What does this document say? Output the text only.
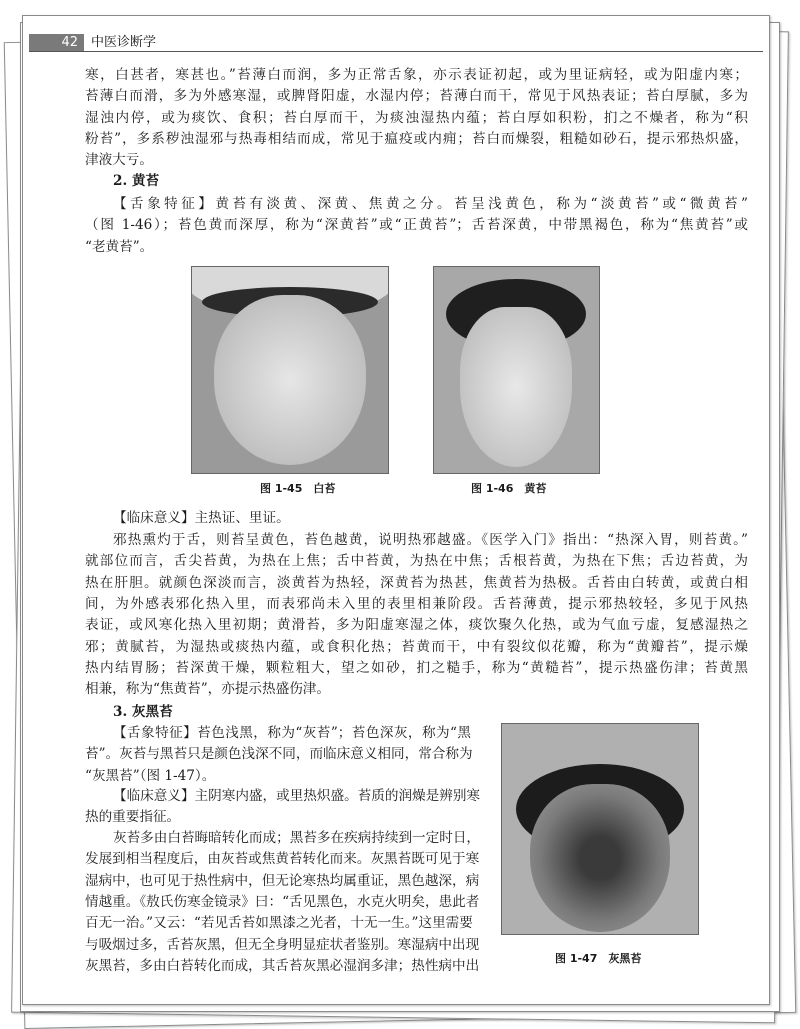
42	中医诊断学
图 1-45　白苔	图 1-46　黄苔
图 1-47　灰黑苔
寒，白甚者，寒甚也。”苔薄白而润，多为正常舌象，亦示表证初起，或为里证病轻，或为阳虚内寒；
苔薄白而滑，多为外感寒湿，或脾肾阳虚，水湿内停；苔薄白而干，常见于风热表证；苔白厚腻，多为
湿浊内停，或为痰饮、食积；苔白厚而干，为痰浊湿热内蕴；苔白厚如积粉，扪之不燥者，称为“积
粉苔”，多系秽浊湿邪与热毒相结而成，常见于瘟疫或内痈；苔白而燥裂，粗糙如砂石，提示邪热炽盛，
津液大亏。
2. 黄苔
【舌象特征】黄苔有淡黄、深黄、焦黄之分。苔呈浅黄色，称为“淡黄苔”或“微黄苔”
（图 1-46）；苔色黄而深厚，称为“深黄苔”或“正黄苔”；舌苔深黄，中带黑褐色，称为“焦黄苔”或
“老黄苔”。
【临床意义】主热证、里证。
邪热熏灼于舌，则苔呈黄色，苔色越黄，说明热邪越盛。《医学入门》指出：“热深入胃，则苔黄。”
就部位而言，舌尖苔黄，为热在上焦；舌中苔黄，为热在中焦；舌根苔黄，为热在下焦；舌边苔黄，为
热在肝胆。就颜色深淡而言，淡黄苔为热轻，深黄苔为热甚，焦黄苔为热极。舌苔由白转黄，或黄白相
间，为外感表邪化热入里，而表邪尚未入里的表里相兼阶段。舌苔薄黄，提示邪热较轻，多见于风热
表证，或风寒化热入里初期；黄滑苔，多为阳虚寒湿之体，痰饮聚久化热，或为气血亏虚，复感湿热之
邪；黄腻苔，为湿热或痰热内蕴，或食积化热；苔黄而干，中有裂纹似花瓣，称为“黄瓣苔”，提示燥
热内结胃肠；苔深黄干燥，颗粒粗大，望之如砂，扪之糙手，称为“黄糙苔”，提示热盛伤津；苔黄黑
相兼，称为“焦黄苔”，亦提示热盛伤津。
3. 灰黑苔
【舌象特征】苔色浅黑，称为“灰苔”；苔色深灰，称为“黑
苔”。灰苔与黑苔只是颜色浅深不同，而临床意义相同，常合称为
“灰黑苔”（图 1-47）。
【临床意义】主阴寒内盛，或里热炽盛。苔质的润燥是辨别寒
热的重要指征。
灰苔多由白苔晦暗转化而成；黑苔多在疾病持续到一定时日，
发展到相当程度后，由灰苔或焦黄苔转化而来。灰黑苔既可见于寒
湿病中，也可见于热性病中，但无论寒热均属重证，黑色越深，病
情越重。《敖氏伤寒金镜录》曰：“舌见黑色，水克火明矣，患此者
百无一治。”又云：“若见舌苔如黑漆之光者，十无一生。”这里需要
与吸烟过多，舌苔灰黑，但无全身明显症状者鉴别。寒湿病中出现
灰黑苔，多由白苔转化而成，其舌苔灰黑必湿润多津；热性病中出
